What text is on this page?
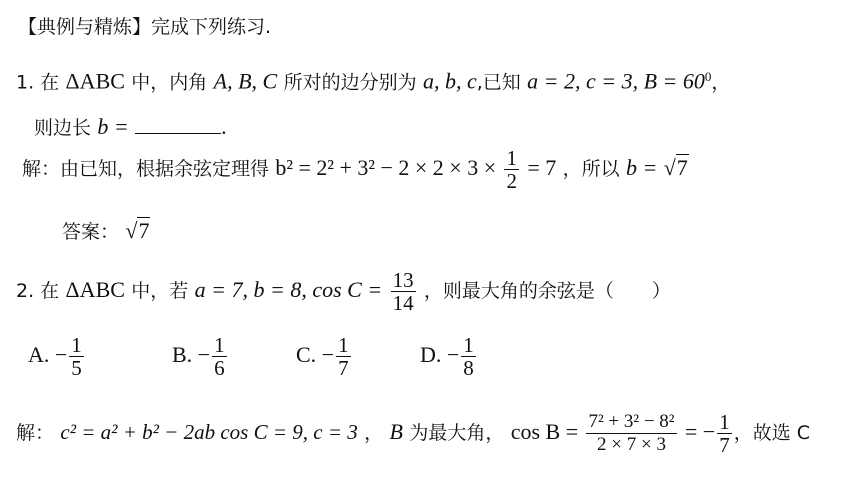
【典例与精炼】完成下列练习.
1. 在 ΔABC 中，内角 A, B, C 所对的边分别为 a, b, c,已知 a = 2, c = 3, $B = 60^0$，
则边长 b =	.
解：由已知，根据余弦定理得 $b^2 = 2^2 + 3^2 - 2 \times 2 \times 3 \times \frac{1}{2} = 7$ ，所以 b = √7
答案： √7
2. 在 ΔABC 中，若 a = 7, b = 8, $\cos C = \frac{13}{14}$ ，则最大角的余弦是（　　）
A. − $\frac{1}{5}$	B. − $\frac{1}{6}$	C. − $\frac{1}{7}$	D. − $\frac{1}{8}$
解： c² = a² + b² − 2ab cos C = 9, c = 3 ， B 为最大角， $\cos B = \frac{\text{7² + 3² − 8²}}{2 \times 7 \times 3}$ = − $\frac{1}{7}$ ，故选 C
